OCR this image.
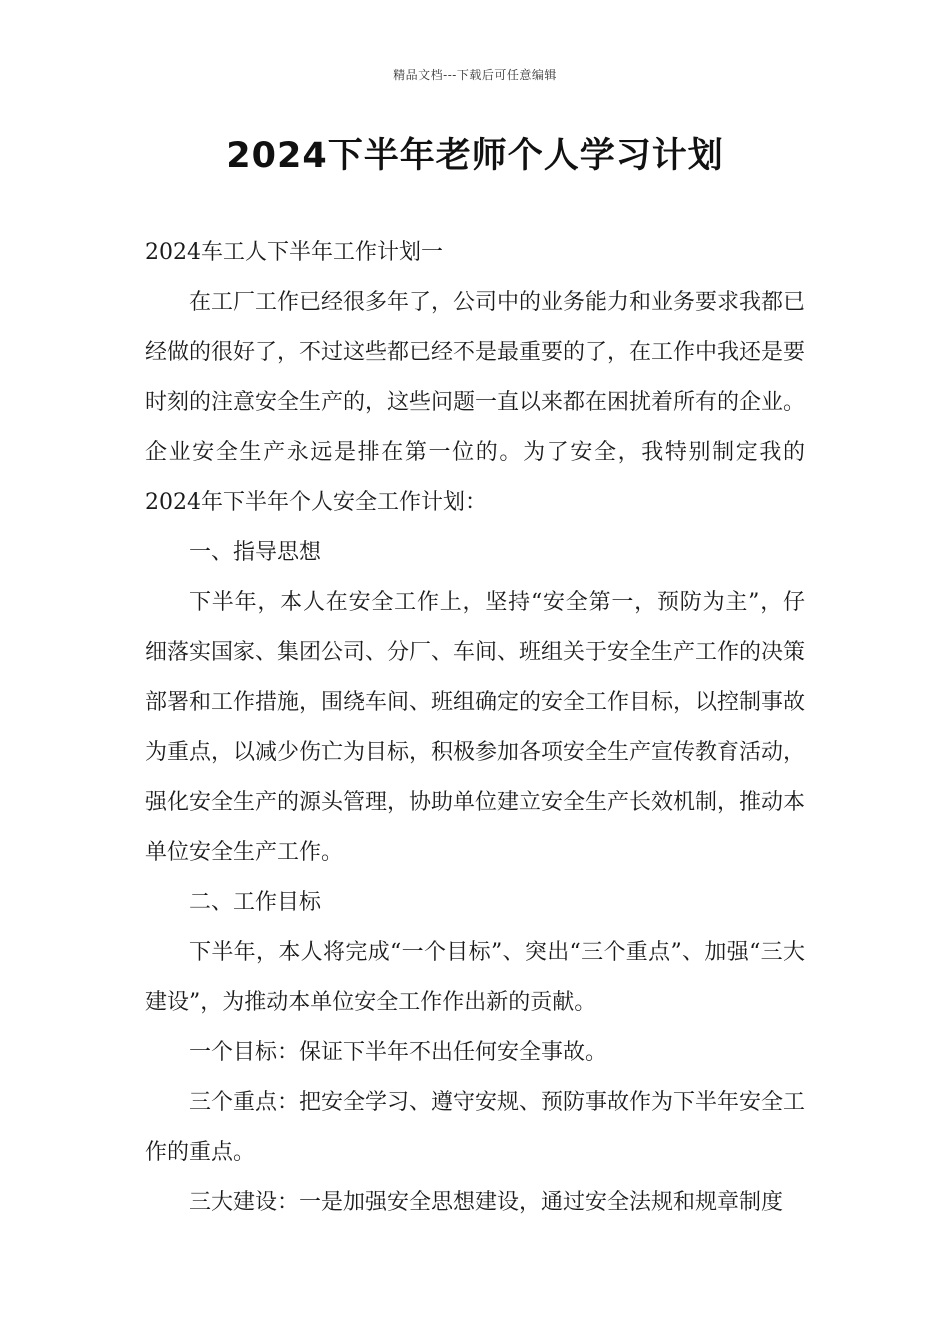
精品文档---下载后可任意编辑
2024下半年老师个人学习计划

2024车工人下半年工作计划一

在工厂工作已经很多年了，公司中的业务能力和业务要求我都已经做的很好了，不过这些都已经不是最重要的了，在工作中我还是要时刻的注意安全生产的，这些问题一直以来都在困扰着所有的企业。企业安全生产永远是排在第一位的。为了安全，我特别制定我的2024年下半年个人安全工作计划：

一、指导思想

下半年，本人在安全工作上，坚持“安全第一，预防为主”，仔细落实国家、集团公司、分厂、车间、班组关于安全生产工作的决策部署和工作措施，围绕车间、班组确定的安全工作目标，以控制事故为重点，以减少伤亡为目标，积极参加各项安全生产宣传教育活动，强化安全生产的源头管理，协助单位建立安全生产长效机制，推动本单位安全生产工作。

二、工作目标

下半年，本人将完成“一个目标”、突出“三个重点”、加强“三大建设”，为推动本单位安全工作作出新的贡献。

一个目标：保证下半年不出任何安全事故。

三个重点：把安全学习、遵守安规、预防事故作为下半年安全工作的重点。

三大建设：一是加强安全思想建设，通过安全法规和规章制度
